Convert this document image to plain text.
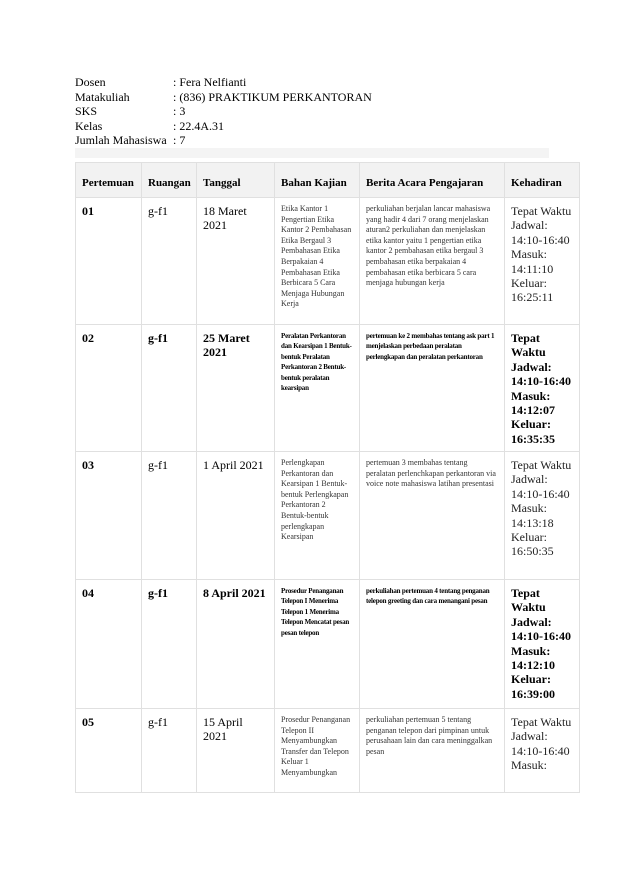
Dosen	: Fera Nelfianti
Matakuliah	: (836) PRAKTIKUM PERKANTORAN
SKS	: 3
Kelas	: 22.4A.31
Jumlah Mahasiswa : 7
Pertemuan	Ruangan	Tanggal	Bahan Kajian	Berita Acara Pengajaran	Kehadiran
01	g-f1	18 Maret 2021	Etika Kantor 1 Pengertian Etika Kantor 2 Pembahasan Etika Bergaul 3 Pembahasan Etika Berpakaian 4 Pembahasan Etika Berbicara 5 Cara Menjaga Hubungan Kerja	perkuliahan berjalan lancar mahasiswa yang hadir 4 dari 7 orang menjelaskan aturan2 perkuliahan dan menjelaskan etika kantor yaitu 1 pengertian etika kantor 2 pembahasan etika bergaul 3 pembahasan etika berpakaian 4 pembahasan etika berbicara 5 cara menjaga hubungan kerja	Tepat Waktu Jadwal: 14:10-16:40 Masuk: 14:11:10 Keluar: 16:25:11
02	g-f1	25 Maret 2021	Peralatan Perkantoran dan Kearsipan 1 Bentuk-bentuk Peralatan Perkantoran 2 Bentuk-bentuk peralatan kearsipan	pertemuan ke 2 membahas tentang ask part 1 menjelaskan perbedaan peralatan perlengkapan dan peralatan perkantoran	Tepat Waktu Jadwal: 14:10-16:40 Masuk: 14:12:07 Keluar: 16:35:35
03	g-f1	1 April 2021	Perlengkapan Perkantoran dan Kearsipan 1 Bentuk-bentuk Perlengkapan Perkantoran 2 Bentuk-bentuk perlengkapan Kearsipan	pertemuan 3 membahas tentang peralatan perlenchkapan perkantoran via voice note mahasiswa latihan presentasi	Tepat Waktu Jadwal: 14:10-16:40 Masuk: 14:13:18 Keluar: 16:50:35
04	g-f1	8 April 2021	Prosedur Penanganan Telepon I Menerima Telepon 1 Menerima Telepon Mencatat pesan pesan telepon	perkuliahan pertemuan 4 tentang penganan telepon greeting dan cara menangani pesan	Tepat Waktu Jadwal: 14:10-16:40 Masuk: 14:12:10 Keluar: 16:39:00
05	g-f1	15 April 2021	Prosedur Penanganan Telepon II Menyambungkan Transfer dan Telepon Keluar 1 Menyambungkan	perkuliahan pertemuan 5 tentang penganan telepon dari pimpinan untuk perusahaan lain dan cara meninggalkan pesan	Tepat Waktu Jadwal: 14:10-16:40 Masuk:
